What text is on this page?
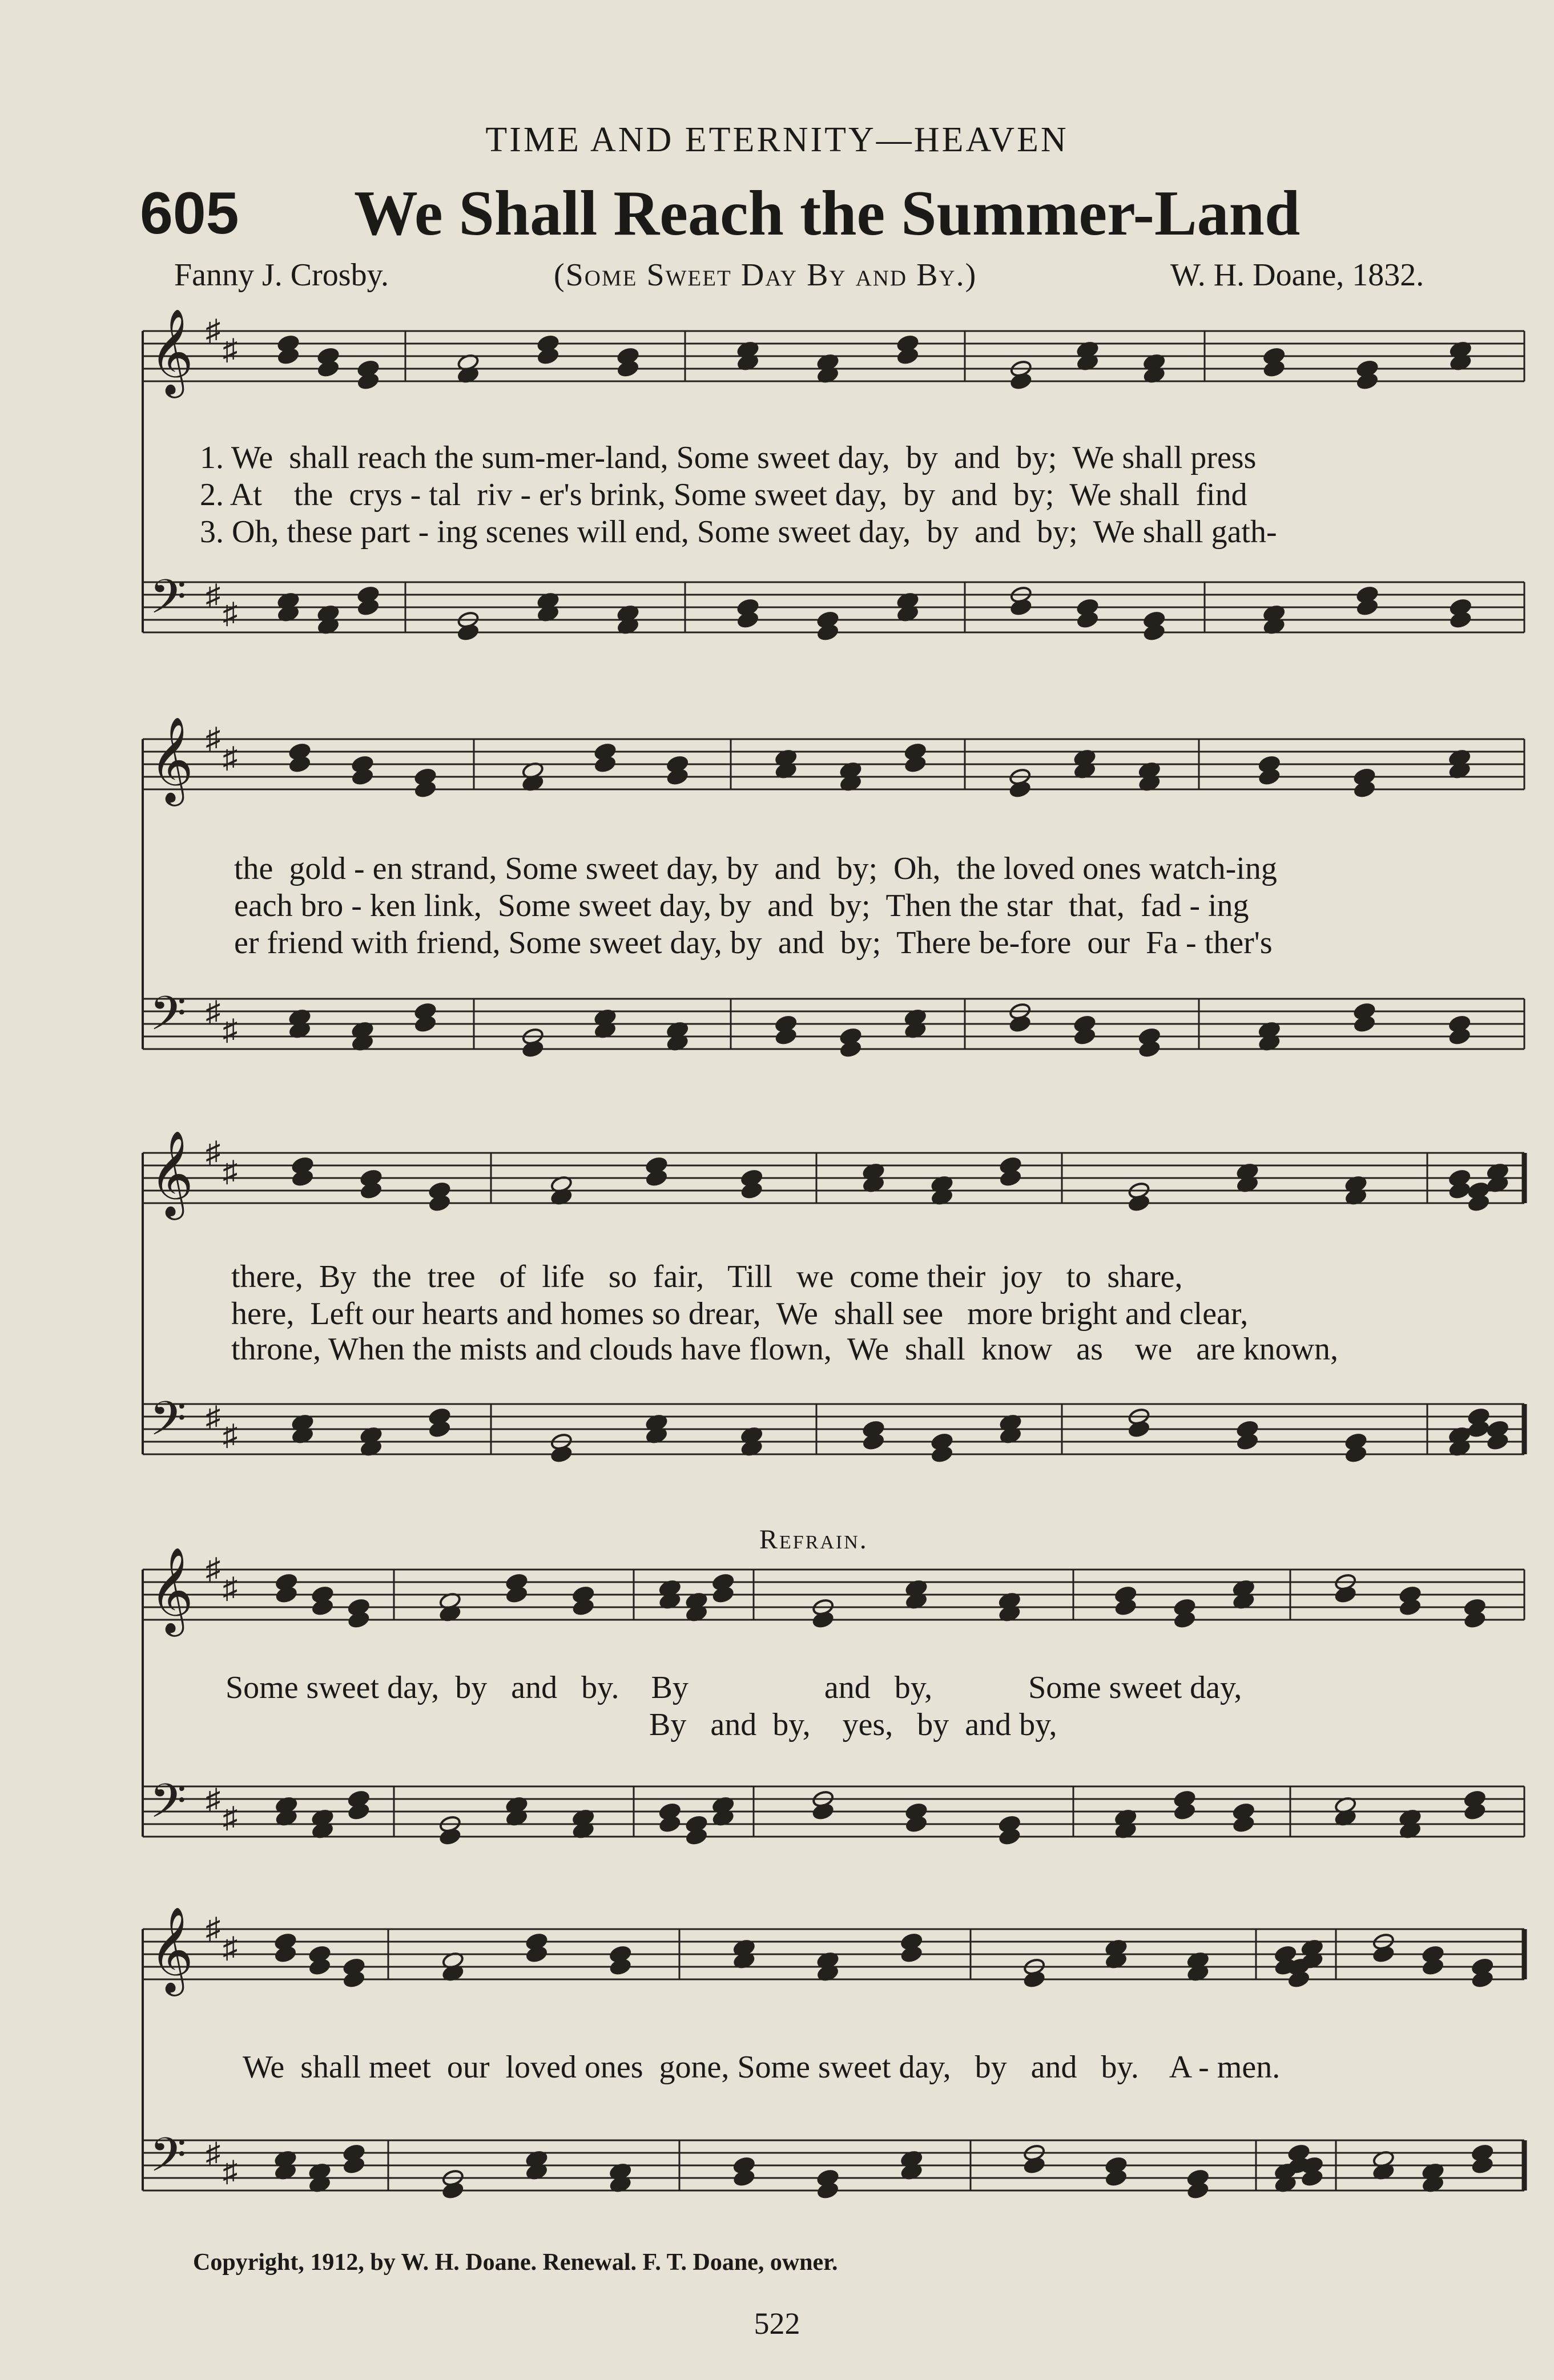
TIME AND ETERNITY—HEAVEN
605 We Shall Reach the Summer-Land
Fanny J. Crosby.	(Some Sweet Day By and By.)	W. H. Doane, 1832.
𝄞 ♯
♯
𝄢 ♯
♯
1. We  shall reach the sum-mer-land, Some sweet day,  by  and  by;  We shall press
2. At    the  crys - tal  riv - er's brink, Some sweet day,  by  and  by;  We shall  find
3. Oh, these part - ing scenes will end, Some sweet day,  by  and  by;  We shall gath-
𝄞 ♯
♯
𝄢 ♯
♯
the  gold - en strand, Some sweet day, by  and  by;  Oh,  the loved ones watch-ing
each bro - ken link,  Some sweet day, by  and  by;  Then the star  that,  fad - ing
er friend with friend, Some sweet day, by  and  by;  There be-fore  our  Fa - ther's
𝄞 ♯
♯
𝄢 ♯
♯
there,  By  the  tree   of  life   so  fair,   Till   we  come their  joy   to  share,
here,  Left our hearts and homes so drear,  We  shall see   more bright and clear,
throne, When the mists and clouds have flown,  We  shall  know   as    we   are known,
Refrain.
𝄞 ♯
♯
𝄢 ♯
♯
Some sweet day,  by   and   by.    By                 and   by,            Some sweet day,
By   and  by,    yes,   by  and by,
𝄞 ♯
♯
𝄢 ♯
♯
We  shall meet  our  loved ones  gone, Some sweet day,   by   and   by.    A - men.
Copyright, 1912, by W. H. Doane. Renewal. F. T. Doane, owner.
522
